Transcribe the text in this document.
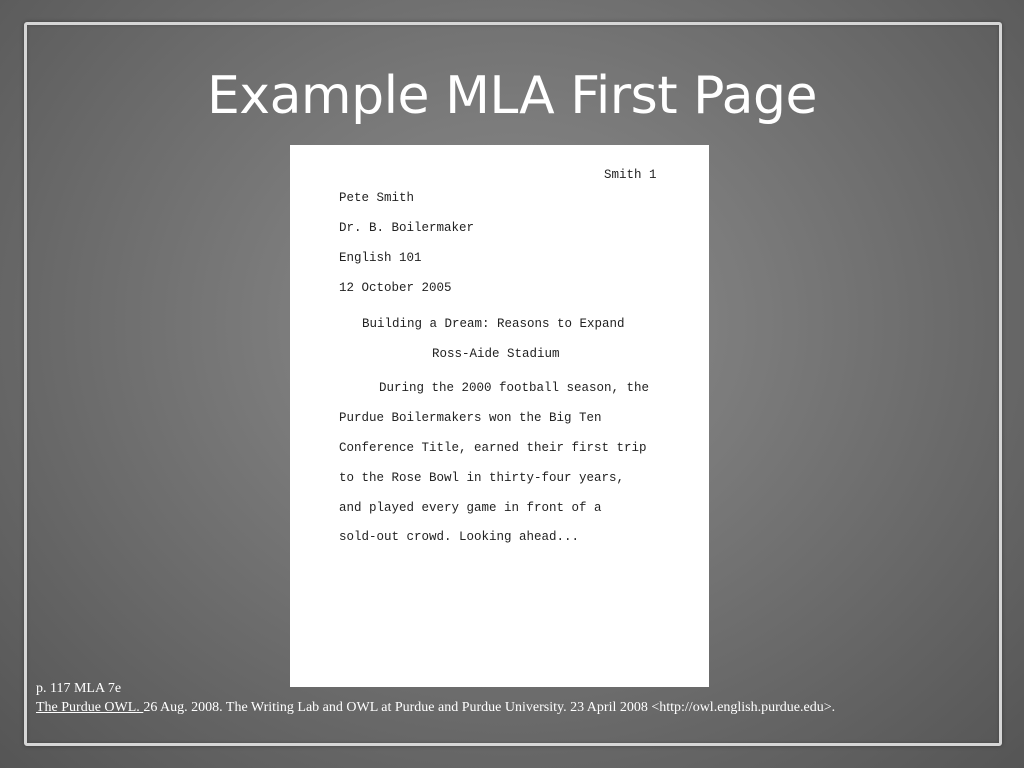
Example MLA First Page
Smith 1
Pete Smith
Dr. B. Boilermaker
English 101
12 October 2005
Building a Dream: Reasons to Expand
Ross-Aide Stadium
During the 2000 football season, the
Purdue Boilermakers won the Big Ten
Conference Title, earned their first trip
to the Rose Bowl in thirty-four years,
and played every game in front of a
sold-out crowd. Looking ahead...
p. 117 MLA 7e
The Purdue OWL. 26 Aug. 2008. The Writing Lab and OWL at Purdue and Purdue University. 23 April 2008 <http://owl.english.purdue.edu>.
